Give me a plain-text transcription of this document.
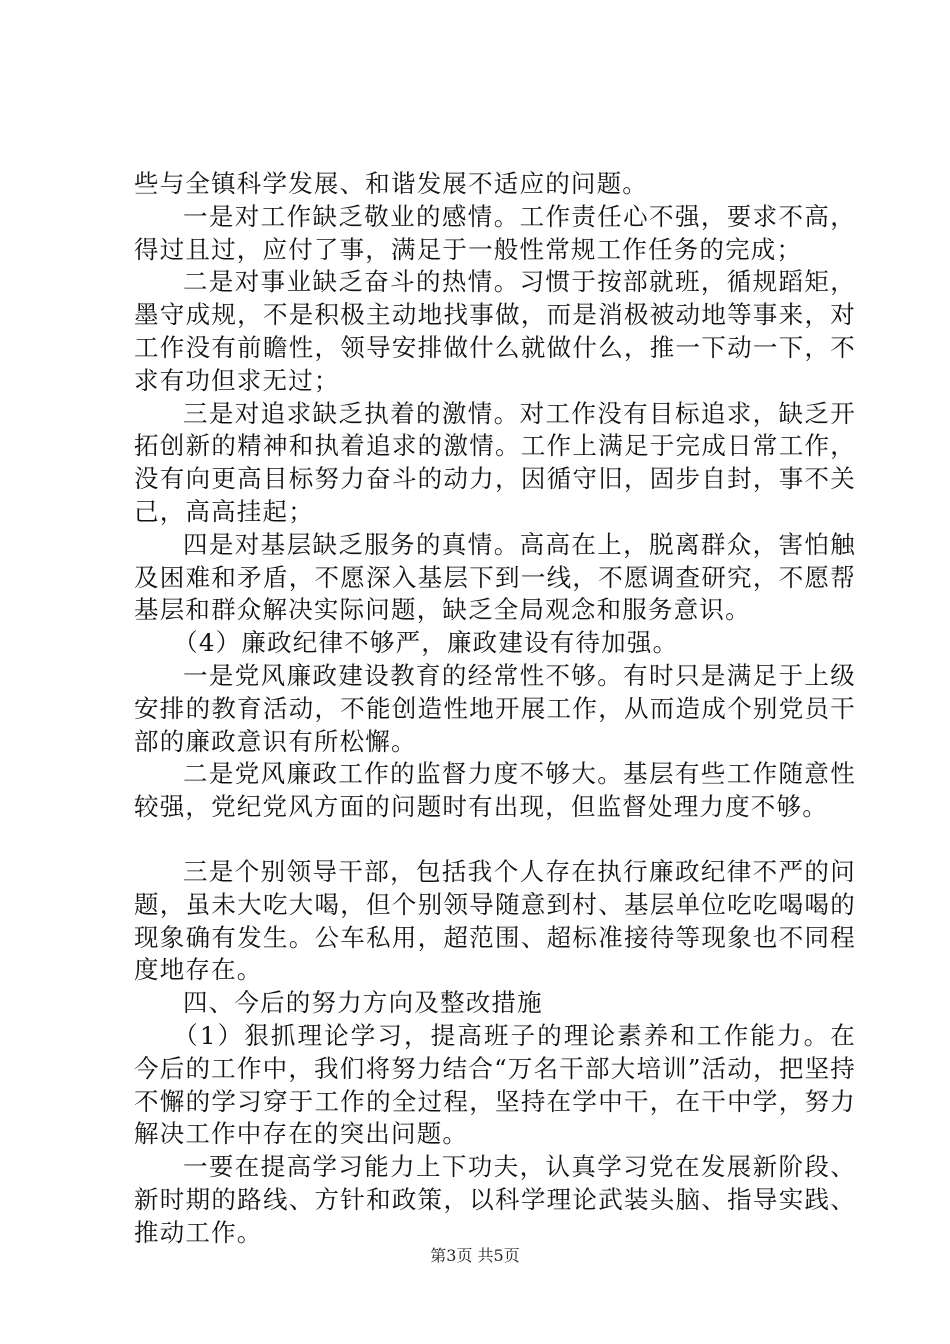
些与全镇科学发展、和谐发展不适应的问题。

一是对工作缺乏敬业的感情。工作责任心不强，要求不高，得过且过，应付了事，满足于一般性常规工作任务的完成；

二是对事业缺乏奋斗的热情。习惯于按部就班，循规蹈矩，墨守成规，不是积极主动地找事做，而是消极被动地等事来，对工作没有前瞻性，领导安排做什么就做什么，推一下动一下，不求有功但求无过；

三是对追求缺乏执着的激情。对工作没有目标追求，缺乏开拓创新的精神和执着追求的激情。工作上满足于完成日常工作，没有向更高目标努力奋斗的动力，因循守旧，固步自封，事不关己，高高挂起；

四是对基层缺乏服务的真情。高高在上，脱离群众，害怕触及困难和矛盾，不愿深入基层下到一线，不愿调查研究，不愿帮基层和群众解决实际问题，缺乏全局观念和服务意识。

（4）廉政纪律不够严，廉政建设有待加强。

一是党风廉政建设教育的经常性不够。有时只是满足于上级安排的教育活动，不能创造性地开展工作，从而造成个别党员干部的廉政意识有所松懈。

二是党风廉政工作的监督力度不够大。基层有些工作随意性较强，党纪党风方面的问题时有出现，但监督处理力度不够。

三是个别领导干部，包括我个人存在执行廉政纪律不严的问题，虽未大吃大喝，但个别领导随意到村、基层单位吃吃喝喝的现象确有发生。公车私用，超范围、超标准接待等现象也不同程度地存在。

四、今后的努力方向及整改措施

（1）狠抓理论学习，提高班子的理论素养和工作能力。在今后的工作中，我们将努力结合“万名干部大培训”活动，把坚持不懈的学习穿于工作的全过程，坚持在学中干，在干中学，努力解决工作中存在的突出问题。

一要在提高学习能力上下功夫，认真学习党在发展新阶段、新时期的路线、方针和政策，以科学理论武装头脑、指导实践、推动工作。

第3页 共5页
